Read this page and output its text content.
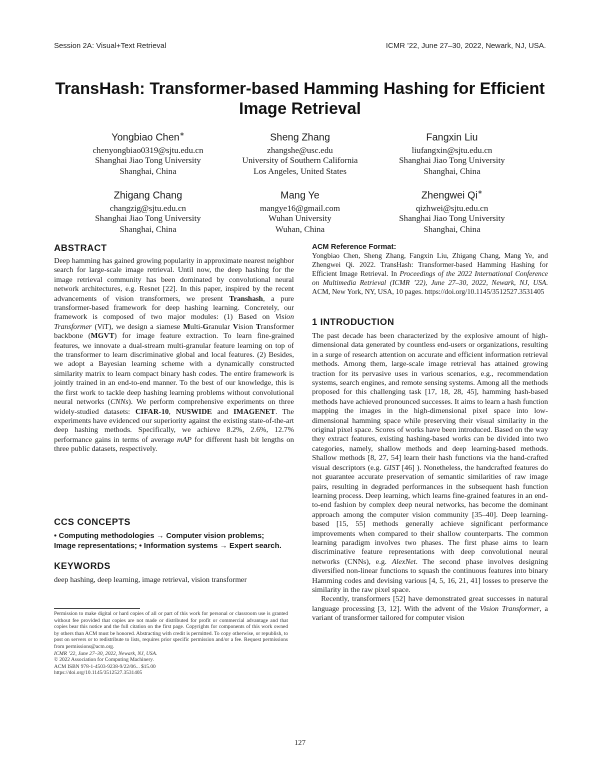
Session 2A: Visual+Text Retrieval	ICMR ’22, June 27–30, 2022, Newark, NJ, USA.
TransHash: Transformer-based Hamming Hashing for Efficient Image Retrieval
Yongbiao Chen∗
chenyongbiao0319@sjtu.edu.cn
Shanghai Jiao Tong University
Shanghai, China
Sheng Zhang
zhangshe@usc.edu
University of Southern California
Los Angeles, United States
Fangxin Liu
liufangxin@sjtu.edu.cn
Shanghai Jiao Tong University
Shanghai, China
Zhigang Chang
changzig@sjtu.edu.cn
Shanghai Jiao Tong University
Shanghai, China
Mang Ye
mangye16@gmail.com
Wuhan University
Wuhan, China
Zhengwei Qi∗
qizhwei@sjtu.edu.cn
Shanghai Jiao Tong University
Shanghai, China
ABSTRACT
Deep hamming has gained growing popularity in approximate nearest neighbor search for large-scale image retrieval. Until now, the deep hashing for the image retrieval community has been dominated by convolutional neural network architectures, e.g. Resnet [22]. In this paper, inspired by the recent advancements of vision transformers, we present Transhash, a pure transformer-based framework for deep hashing learning. Concretely, our framework is composed of two major modules: (1) Based on Vision Transformer (ViT), we design a siamese Multi-Granular Vision Transformer backbone (MGVT) for image feature extraction. To learn fine-grained features, we innovate a dual-stream multi-granular feature learning on top of the transformer to learn discriminative global and local features. (2) Besides, we adopt a Bayesian learning scheme with a dynamically constructed similarity matrix to learn compact binary hash codes. The entire framework is jointly trained in an end-to-end manner. To the best of our knowledge, this is the first work to tackle deep hashing learning problems without convolutional neural networks (CNNs). We perform comprehensive experiments on three widely-studied datasets: CIFAR-10, NUSWIDE and IMAGENET. The experiments have evidenced our superiority against the existing state-of-the-art deep hashing methods. Specifically, we achieve 8.2%, 2.6%, 12.7% performance gains in terms of average mAP for different hash bit lengths on three public datasets, respectively.
CCS CONCEPTS
• Computing methodologies → Computer vision problems;
Image representations; • Information systems → Expert search.
KEYWORDS
Permission to make digital or hard copies of all or part of this work for personal or classroom use is granted without fee provided that copies are not made or distributed for profit or commercial advantage and that copies bear this notice and the full citation on the first page. Copyrights for components of this work owned by others than ACM must be honored. Abstracting with credit is permitted. To copy otherwise, or republish, to post on servers or to redistribute to lists, requires prior specific permission and/or a fee. Request permissions from permissions@acm.org.
ICMR ’22, June 27–30, 2022, Newark, NJ, USA.
© 2022 Association for Computing Machinery.
ACM ISBN 978-1-4503-9238-9/22/06... $15.00
https://doi.org/10.1145/3512527.3531405
ACM Reference Format:
Yongbiao Chen, Sheng Zhang, Fangxin Liu, Zhigang Chang, Mang Ye, and Zhengwei Qi. 2022. TransHash: Transformer-based Hamming Hashing for Efficient Image Retrieval. In Proceedings of the 2022 International Conference on Multimedia Retrieval (ICMR ’22), June 27–30, 2022, Newark, NJ, USA. ACM, New York, NY, USA, 10 pages. https://doi.org/10.1145/3512527.3531405
1 INTRODUCTION
The past decade has been characterized by the explosive amount of high-dimensional data generated by countless end-users or organizations, resulting in a surge of research attention on accurate and efficient information retrieval methods. Among them, large-scale image retrieval has attained growing traction for its pervasive uses in various scenarios, e.g., recommendation systems, search engines, and remote sensing systems. Among all the methods proposed for this challenging task [17, 18, 28, 45], hamming hash-based methods have achieved pronounced successes. It aims to learn a hash function mapping the images in the high-dimensional pixel space into low-dimensional hamming space while preserving their visual similarity in the original pixel space. Scores of works have been introduced. Based on the way they extract features, existing hashing-based works can be divided into two categories, namely, shallow methods and deep learning-based methods. Shallow methods [8, 27, 54] learn their hash functions via the hand-crafted visual descriptors (e.g. GIST [46] ). Nonetheless, the handcrafted features do not guarantee accurate preservation of semantic similarities of raw image pairs, resulting in degraded performances in the subsequent hash function learning process. Deep learning, which learns fine-grained features in an end-to-end fashion by complex deep neural networks, has become the dominant approach among the computer vision community [35–40]. Deep learning-based [15, 55] methods generally achieve significant performance improvements when compared to their shallow counterparts. The common learning paradigm involves two phases. The first phase aims to learn discriminative feature representations with deep convolutional neural networks (CNNs), e.g. AlexNet. The second phase involves designing diversified non-linear functions to squash the continuous features into binary Hamming codes and devising various [4, 5, 16, 21, 41] losses to preserve the similarity in the raw pixel space.
Recently, transformers [52] have demonstrated great successes in natural language processing [3, 12]. With the advent of the Vision Transformer, a variant of transformer tailored for computer vision
deep hashing, deep learning, image retrieval, vision transformer
127
